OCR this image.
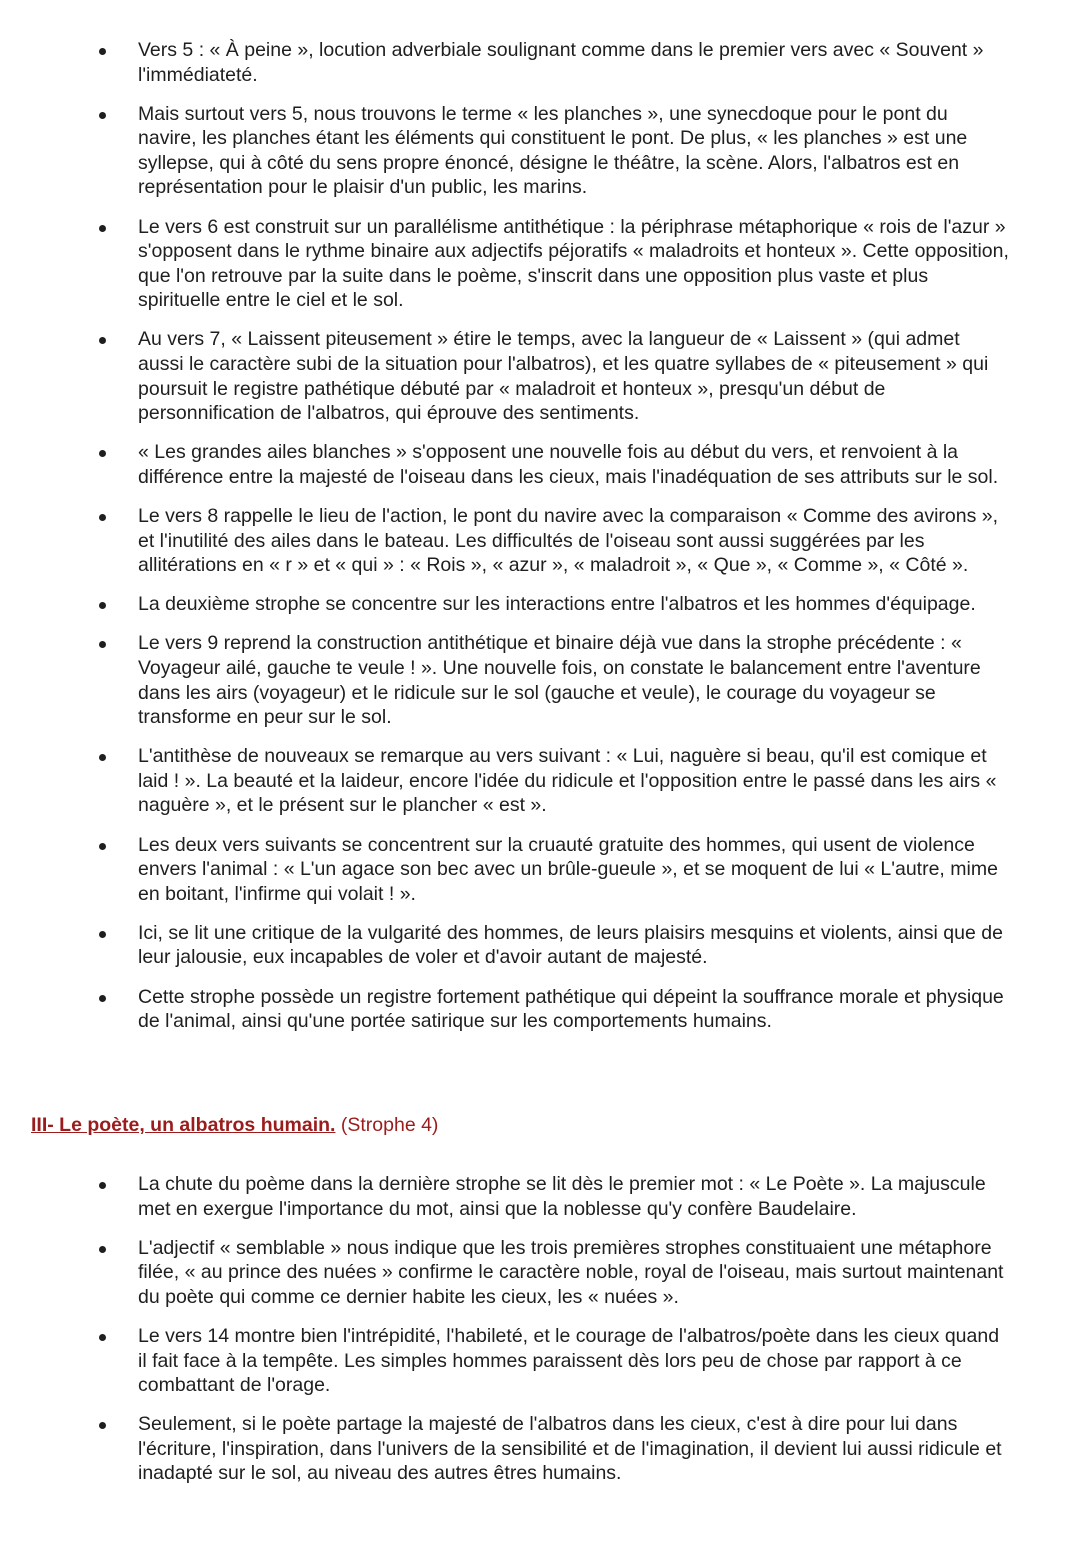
Vers 5 : « À peine », locution adverbiale soulignant comme dans le premier vers avec « Souvent » l'immédiateté.
Mais surtout vers 5, nous trouvons le terme « les planches », une synecdoque pour le pont du navire, les planches étant les éléments qui constituent le pont. De plus, « les planches » est une syllepse, qui à côté du sens propre énoncé, désigne le théâtre, la scène. Alors, l'albatros est en représentation pour le plaisir d'un public, les marins.
Le vers 6 est construit sur un parallélisme antithétique : la périphrase métaphorique « rois de l'azur » s'opposent dans le rythme binaire aux adjectifs péjoratifs « maladroits et honteux ». Cette opposition, que l'on retrouve par la suite dans le poème, s'inscrit dans une opposition plus vaste et plus spirituelle entre le ciel et le sol.
Au vers 7, « Laissent piteusement » étire le temps, avec la langueur de « Laissent » (qui admet aussi le caractère subi de la situation pour l'albatros), et les quatre syllabes de « piteusement » qui poursuit le registre pathétique débuté par « maladroit et honteux », presqu'un début de personnification de l'albatros, qui éprouve des sentiments.
« Les grandes ailes blanches » s'opposent une nouvelle fois au début du vers, et renvoient à la différence entre la majesté de l'oiseau dans les cieux, mais l'inadéquation de ses attributs sur le sol.
Le vers 8 rappelle le lieu de l'action, le pont du navire avec la comparaison « Comme des avirons », et l'inutilité des ailes dans le bateau. Les difficultés de l'oiseau sont aussi suggérées par les allitérations en « r » et « qui » : « Rois », « azur », « maladroit », « Que », « Comme », « Côté ».
La deuxième strophe se concentre sur les interactions entre l'albatros et les hommes d'équipage.
Le vers 9 reprend la construction antithétique et binaire déjà vue dans la strophe précédente : « Voyageur ailé, gauche te veule ! ». Une nouvelle fois, on constate le balancement entre l'aventure dans les airs (voyageur) et le ridicule sur le sol (gauche et veule), le courage du voyageur se transforme en peur sur le sol.
L'antithèse de nouveaux se remarque au vers suivant : « Lui, naguère si beau, qu'il est comique et laid ! ». La beauté et la laideur, encore l'idée du ridicule et l'opposition entre le passé dans les airs « naguère », et le présent sur le plancher « est ».
Les deux vers suivants se concentrent sur la cruauté gratuite des hommes, qui usent de violence envers l'animal : « L'un agace son bec avec un brûle-gueule », et se moquent de lui « L'autre, mime en boitant, l'infirme qui volait ! ».
Ici, se lit une critique de la vulgarité des hommes, de leurs plaisirs mesquins et violents, ainsi que de leur jalousie, eux incapables de voler et d'avoir autant de majesté.
Cette strophe possède un registre fortement pathétique qui dépeint la souffrance morale et physique de l'animal, ainsi qu'une portée satirique sur les comportements humains.
III- Le poète, un albatros humain. (Strophe 4)
La chute du poème dans la dernière strophe se lit dès le premier mot : « Le Poète ». La majuscule met en exergue l'importance du mot, ainsi que la noblesse qu'y confère Baudelaire.
L'adjectif « semblable » nous indique que les trois premières strophes constituaient une métaphore filée, « au prince des nuées » confirme le caractère noble, royal de l'oiseau, mais surtout maintenant du poète qui comme ce dernier habite les cieux, les « nuées ».
Le vers 14 montre bien l'intrépidité, l'habileté, et le courage de l'albatros/poète dans les cieux quand il fait face à la tempête. Les simples hommes paraissent dès lors peu de chose par rapport à ce combattant de l'orage.
Seulement, si le poète partage la majesté de l'albatros dans les cieux, c'est à dire pour lui dans l'écriture, l'inspiration, dans l'univers de la sensibilité et de l'imagination, il devient lui aussi ridicule et inadapté sur le sol, au niveau des autres êtres humains.
